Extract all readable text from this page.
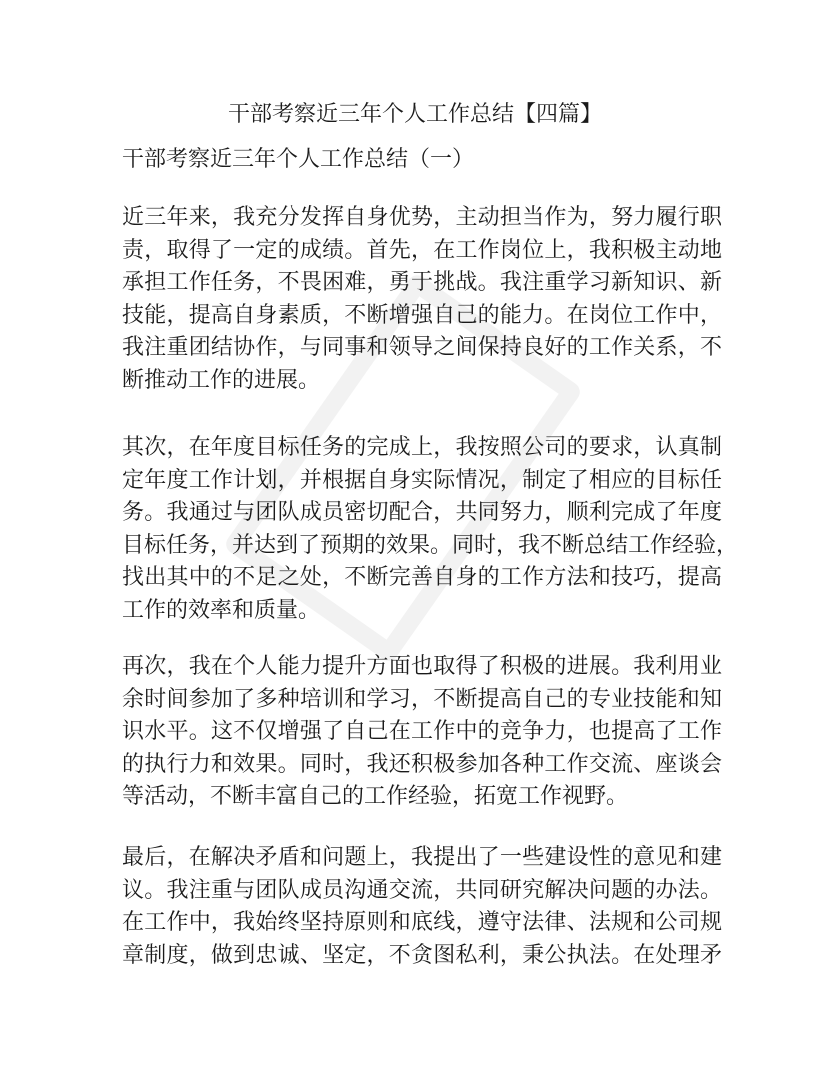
干部考察近三年个人工作总结【四篇】
干部考察近三年个人工作总结（一）
近三年来，我充分发挥自身优势，主动担当作为，努力履行职
责，取得了一定的成绩。首先，在工作岗位上，我积极主动地
承担工作任务，不畏困难，勇于挑战。我注重学习新知识、新
技能，提高自身素质，不断增强自己的能力。在岗位工作中，
我注重团结协作，与同事和领导之间保持良好的工作关系，不
断推动工作的进展。
其次，在年度目标任务的完成上，我按照公司的要求，认真制
定年度工作计划，并根据自身实际情况，制定了相应的目标任
务。我通过与团队成员密切配合，共同努力，顺利完成了年度
目标任务，并达到了预期的效果。同时，我不断总结工作经验，
找出其中的不足之处，不断完善自身的工作方法和技巧，提高
工作的效率和质量。
再次，我在个人能力提升方面也取得了积极的进展。我利用业
余时间参加了多种培训和学习，不断提高自己的专业技能和知
识水平。这不仅增强了自己在工作中的竞争力，也提高了工作
的执行力和效果。同时，我还积极参加各种工作交流、座谈会
等活动，不断丰富自己的工作经验，拓宽工作视野。
最后，在解决矛盾和问题上，我提出了一些建设性的意见和建
议。我注重与团队成员沟通交流，共同研究解决问题的办法。
在工作中，我始终坚持原则和底线，遵守法律、法规和公司规
章制度，做到忠诚、坚定，不贪图私利，秉公执法。在处理矛
